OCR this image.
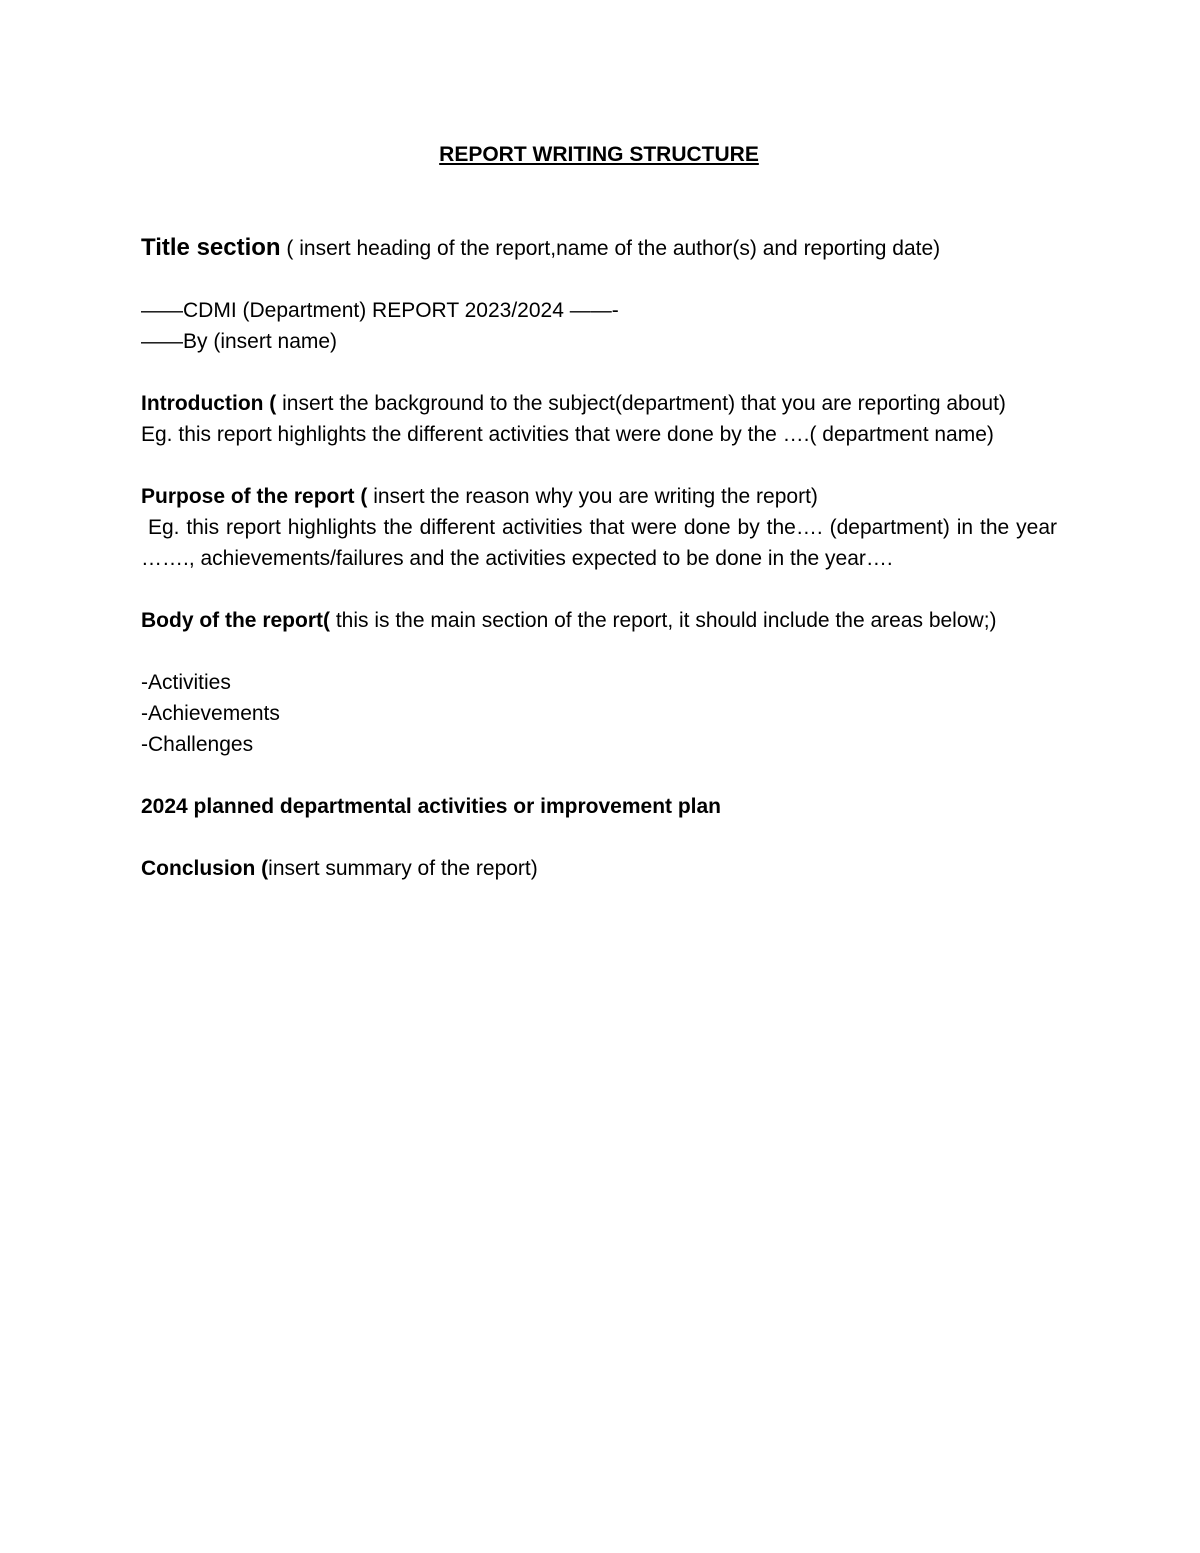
REPORT WRITING STRUCTURE

Title section ( insert heading of the report,name of the author(s) and reporting date)

——CDMI (Department) REPORT 2023/2024 ——-

——By (insert name)

Introduction ( insert the background to the subject(department) that you are reporting about)

Eg. this report highlights the different activities that were done by the ….( department name)

Purpose of the report ( insert the reason why you are writing the report)

Eg. this report highlights the different activities that were done by the…. (department) in the year ……., achievements/failures and the activities expected to be done in the year….

Body of the report( this is the main section of the report, it should include the areas below;)

-Activities

-Achievements

-Challenges

2024 planned departmental activities or improvement plan

Conclusion (insert summary of the report)
